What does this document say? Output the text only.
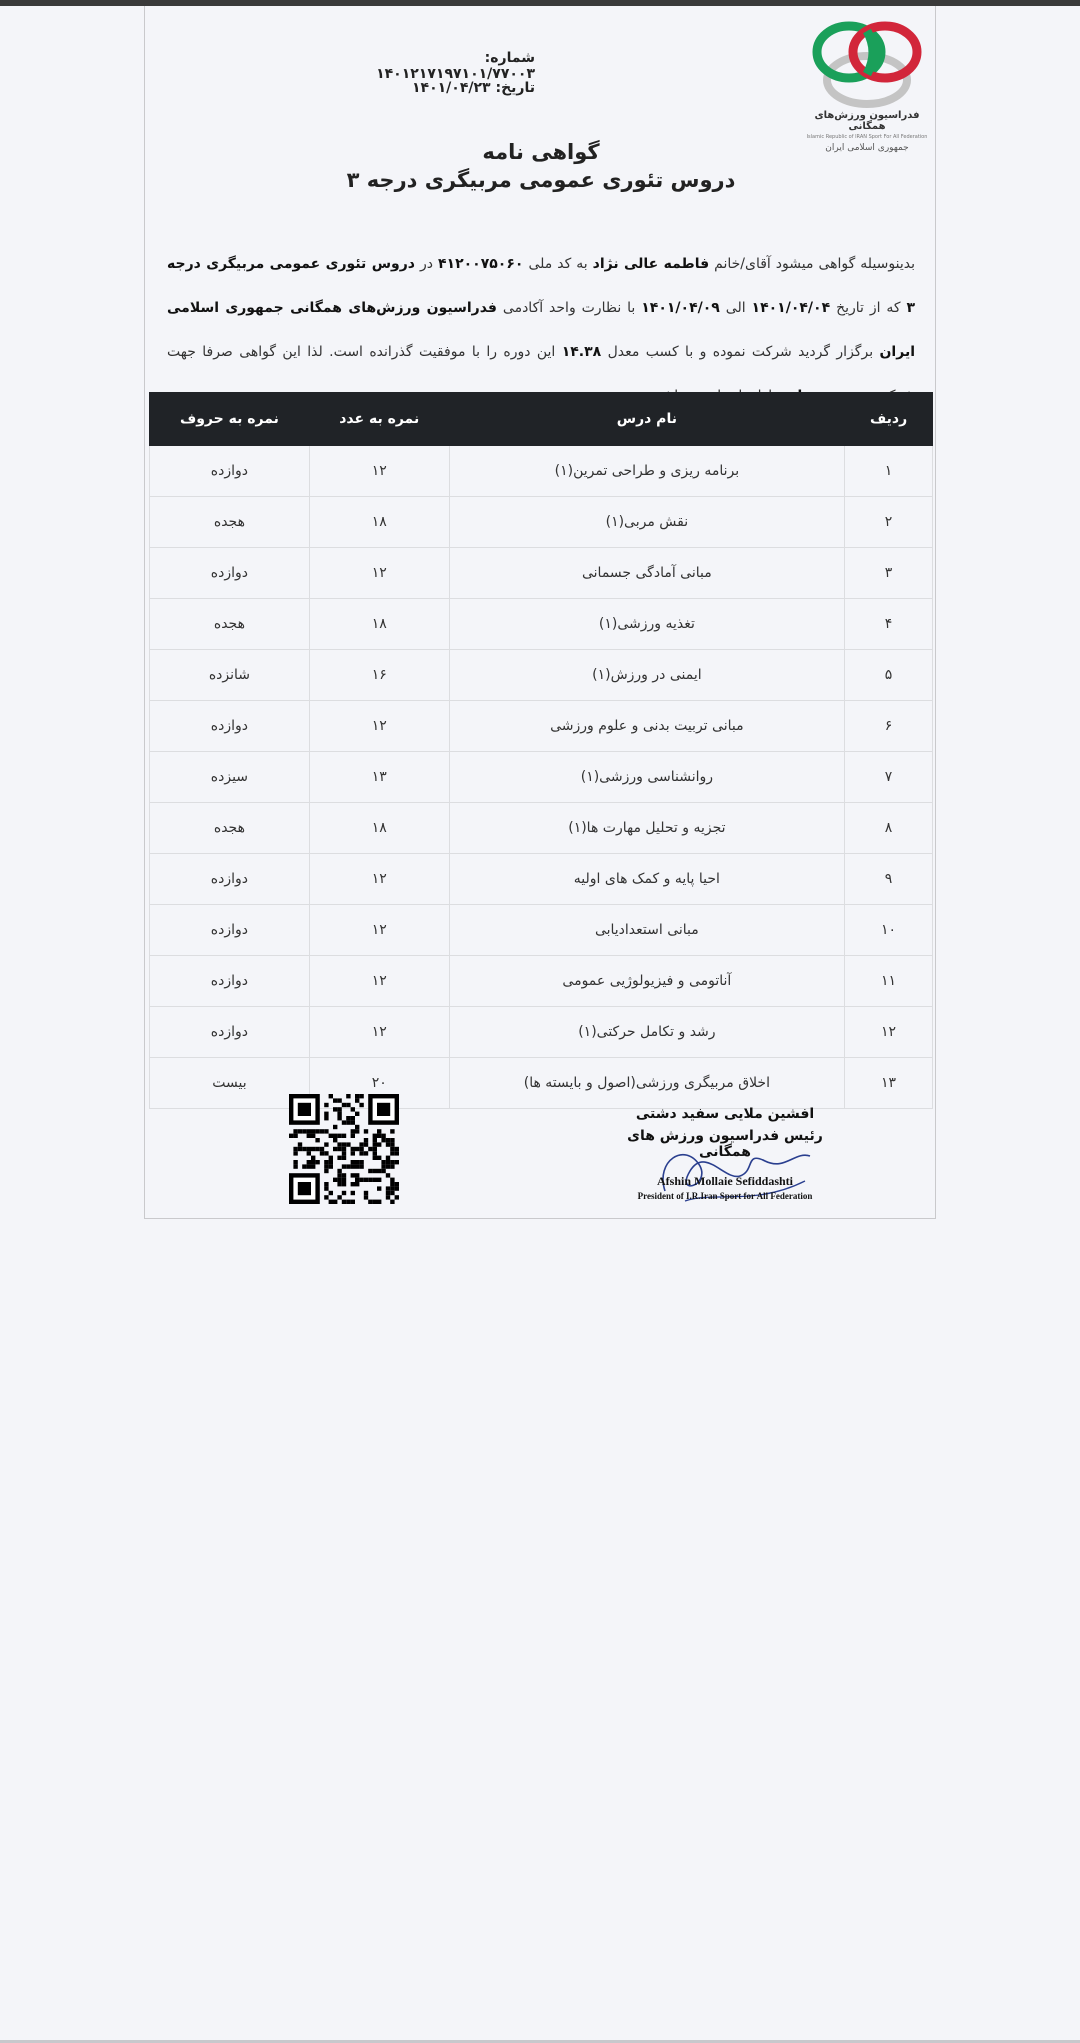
فدراسیون ورزش‌های همگانی
Islamic Republic of IRAN Sport For All Federation
جمهوری اسلامی ایران
شماره: ۱۴۰۱۲۱۷۱۹۷۱۰۱/۷۷۰۰۳
تاریخ: ۱۴۰۱/۰۴/۲۳
گواهی نامه
دروس تئوری عمومی مربیگری درجه ۳
بدینوسیله گواهی میشود آقای/خانم فاطمه عالی نژاد به کد ملی ۴۱۲۰۰۷۵۰۶۰ در دروس تئوری عمومی مربیگری درجه ۳ که از تاریخ ۱۴۰۱/۰۴/۰۴ الی ۱۴۰۱/۰۴/۰۹ با نظارت واحد آکادمی فدراسیون ورزش‌های همگانی جمهوری اسلامی ایران برگزار گردید شرکت نموده و با کسب معدل ۱۴.۳۸ این دوره را با موفقیت گذرانده است. لذا این گواهی صرفا جهت
ردیف	نام درس	نمره به عدد	نمره به حروف
۱	برنامه ریزی و طراحی تمرین(۱)	۱۲	دوازده
۲	نقش مربی(۱)	۱۸	هجده
۳	مبانی آمادگی جسمانی	۱۲	دوازده
۴	تغذیه ورزشی(۱)	۱۸	هجده
۵	ایمنی در ورزش(۱)	۱۶	شانزده
۶	مبانی تربیت بدنی و علوم ورزشی	۱۲	دوازده
۷	روانشناسی ورزشی(۱)	۱۳	سیزده
۸	تجزیه و تحلیل مهارت ها(۱)	۱۸	هجده
۹	احیا پایه و کمک های اولیه	۱۲	دوازده
۱۰	مبانی استعدادیابی	۱۲	دوازده
۱۱	آناتومی و فیزیولوژیی عمومی	۱۲	دوازده
۱۲	رشد و تکامل حرکتی(۱)	۱۲	دوازده
۱۳	اخلاق مربیگری ورزشی(اصول و بایسته ها)	۲۰	بیست
افشین ملایی سفید دشتی
رئیس فدراسیون ورزش های همگانی
Afshin Mollaie Sefiddashti
President of I.R.Iran Sport for All Federation
